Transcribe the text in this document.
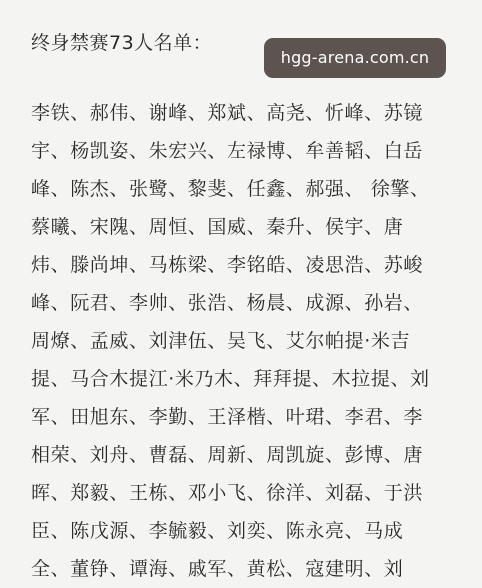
终身禁赛73人名单：
李铁、郝伟、谢峰、郑斌、高尧、忻峰、苏镜
宇、杨凯姿、朱宏兴、左禄博、牟善韬、白岳
峰、陈杰、张鹭、黎斐、任鑫、郝强、 徐擎、
蔡曦、宋隗、周恒、国威、秦升、侯宇、唐
炜、滕尚坤、马栋梁、李铭皓、凌思浩、苏峻
峰、阮君、李帅、张浩、杨晨、成源、孙岩、
周燎、孟威、刘津伍、吴飞、艾尔帕提·米吉
提、马合木提江·米乃木、拜拜提、木拉提、刘
军、田旭东、李勤、王泽楷、叶珺、李君、李
相荣、刘舟、曹磊、周新、周凯旋、彭博、唐
晖、郑毅、王栋、邓小飞、徐洋、刘磊、于洪
臣、陈戊源、李毓毅、刘奕、陈永亮、马成
全、董铮、谭海、戚军、黄松、寇建明、刘
hgg-arena.com.cn
